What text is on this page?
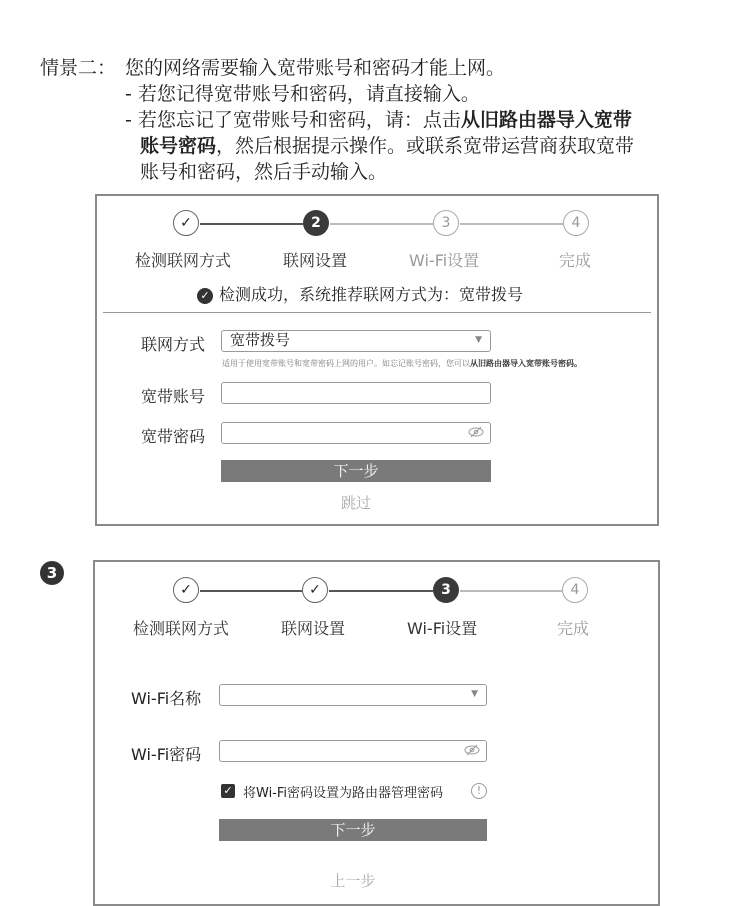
情景二： 您的网络需要输入宽带账号和密码才能上网。
- 若您记得宽带账号和密码，请直接输入。
- 若您忘记了宽带账号和密码，请：点击从旧路由器导入宽带
账号密码，然后根据提示操作。或联系宽带运营商获取宽带
账号和密码，然后手动输入。
✓	2	3	4
检测联网方式	联网设置	Wi-Fi设置	完成
✓ 检测成功，系统推荐联网方式为：宽带拨号
联网方式	宽带拨号	▼
适用于使用宽带账号和宽带密码上网的用户。如忘记账号密码，您可以从旧路由器导入宽带账号密码。
宽带账号
宽带密码
下一步
跳过
3
✓	✓	3	4
检测联网方式	联网设置	Wi-Fi设置	完成
Wi-Fi名称	▼
Wi-Fi密码
✓ 将Wi-Fi密码设置为路由器管理密码	!
下一步
上一步
